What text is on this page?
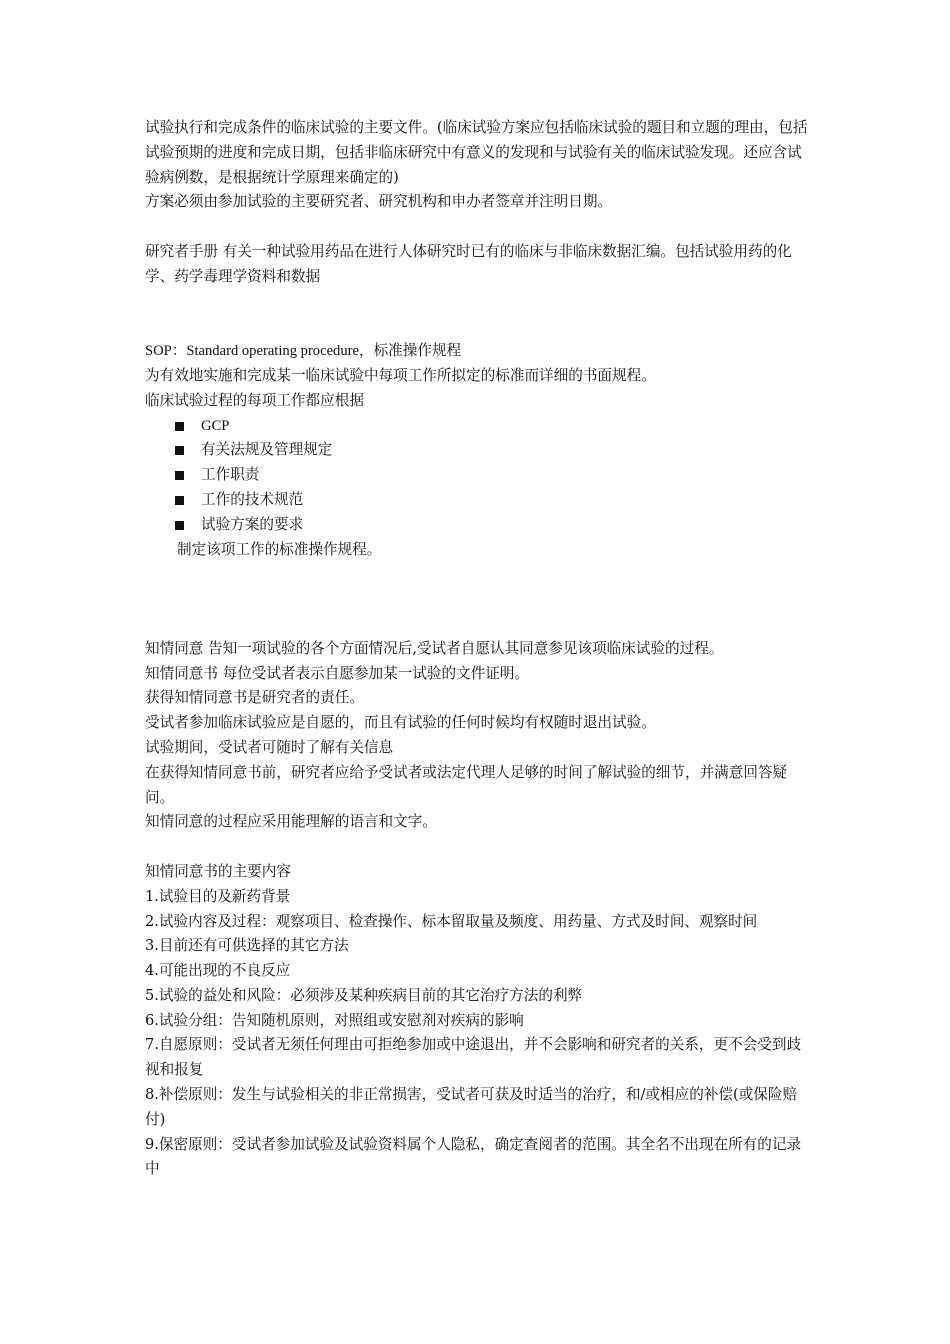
试验执行和完成条件的临床试验的主要文件。(临床试验方案应包括临床试验的题目和立题的理由，包括试验预期的进度和完成日期，包括非临床研究中有意义的发现和与试验有关的临床试验发现。还应含试验病例数，是根据统计学原理来确定的)

方案必须由参加试验的主要研究者、研究机构和申办者签章并注明日期。

研究者手册 有关一种试验用药品在进行人体研究时已有的临床与非临床数据汇编。包括试验用药的化学、药学毒理学资料和数据

SOP：Standard operating procedure，标准操作规程

为有效地实施和完成某一临床试验中每项工作所拟定的标准而详细的书面规程。

临床试验过程的每项工作都应根据

GCP
有关法规及管理规定
工作职责
工作的技术规范
试验方案的要求

制定该项工作的标准操作规程。

知情同意 告知一项试验的各个方面情况后,受试者自愿认其同意参见该项临床试验的过程。

知情同意书 每位受试者表示自愿参加某一试验的文件证明。

获得知情同意书是研究者的责任。

受试者参加临床试验应是自愿的，而且有试验的任何时候均有权随时退出试验。

试验期间，受试者可随时了解有关信息

在获得知情同意书前，研究者应给予受试者或法定代理人足够的时间了解试验的细节，并满意回答疑问。

知情同意的过程应采用能理解的语言和文字。

知情同意书的主要内容

1.试验目的及新药背景

2.试验内容及过程：观察项目、检查操作、标本留取量及频度、用药量、方式及时间、观察时间

3.目前还有可供选择的其它方法

4.可能出现的不良反应

5.试验的益处和风险：必须涉及某种疾病目前的其它治疗方法的利弊

6.试验分组：告知随机原则，对照组或安慰剂对疾病的影响

7.自愿原则：受试者无须任何理由可拒绝参加或中途退出，并不会影响和研究者的关系，更不会受到歧视和报复

8.补偿原则：发生与试验相关的非正常损害，受试者可获及时适当的治疗，和/或相应的补偿(或保险赔付)

9.保密原则：受试者参加试验及试验资料属个人隐私，确定查阅者的范围。其全名不出现在所有的记录中
